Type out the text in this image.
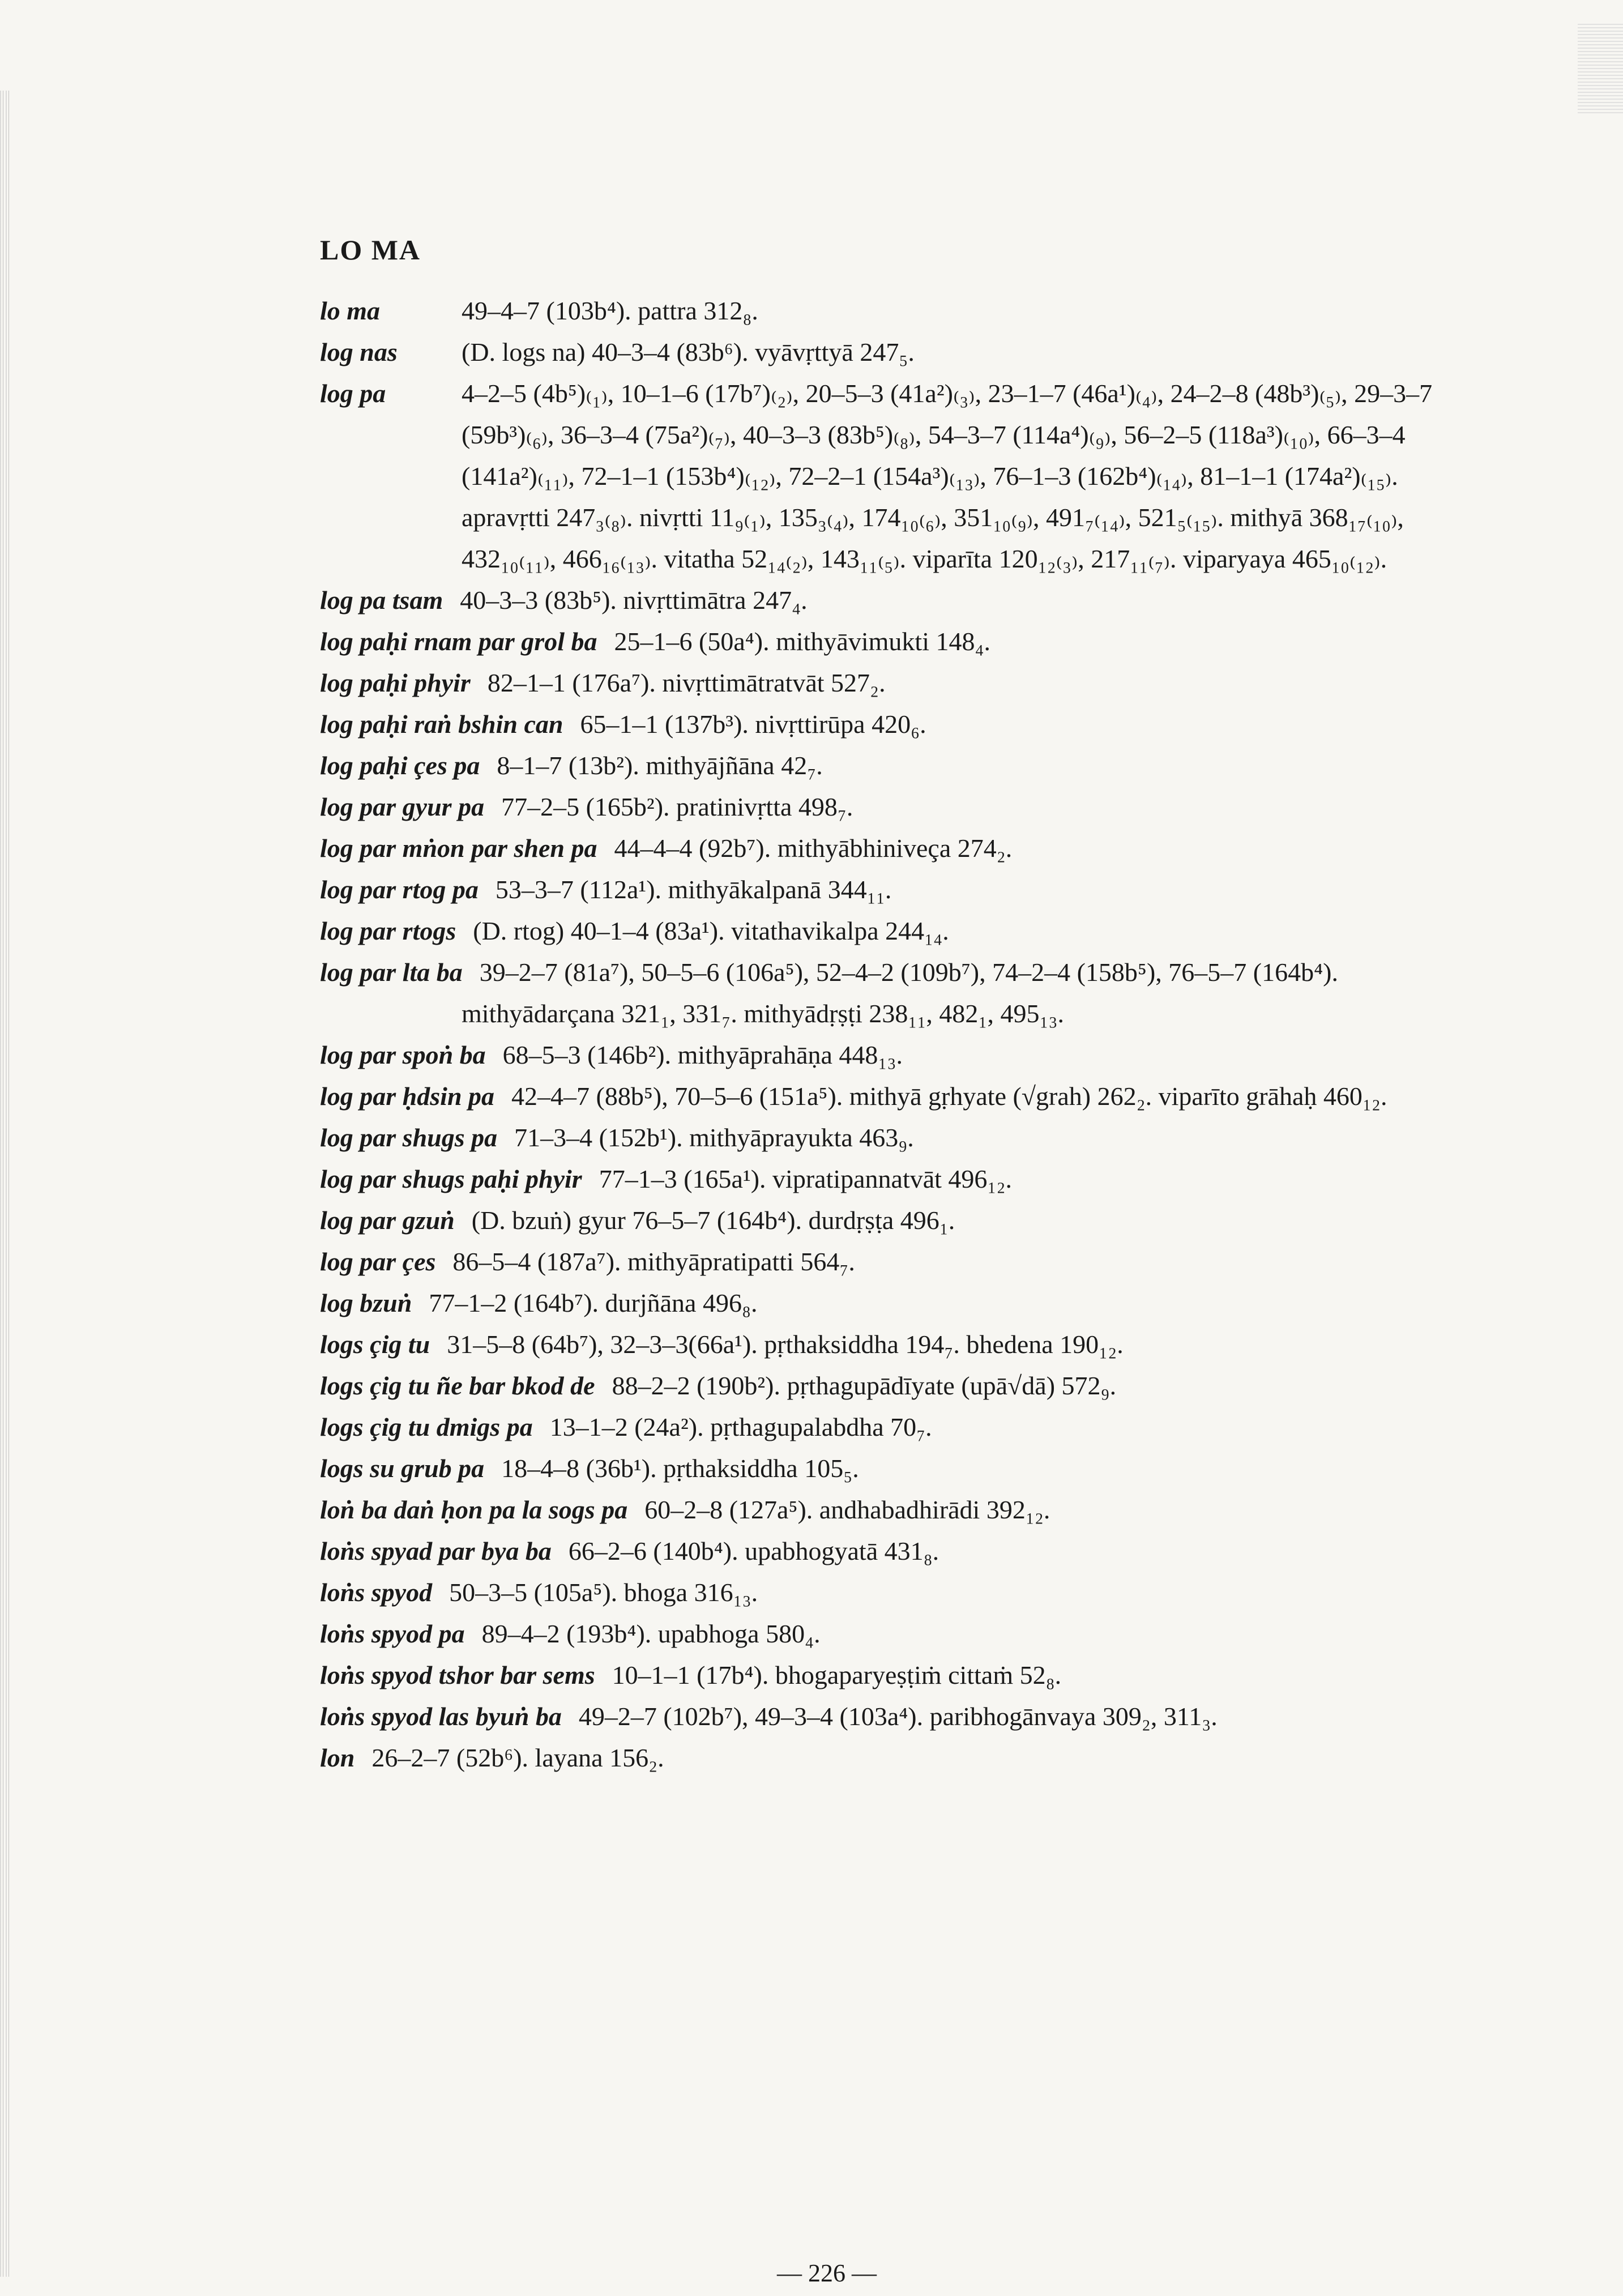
LO MA
lo ma	49–4–7 (103b⁴). pattra 312₈.
log nas (D. logs na) 40–3–4 (83b⁶). vyāvṛttyā 247₅.
log pa	4–2–5 (4b⁵)₍₁₎, 10–1–6 (17b⁷)₍₂₎, 20–5–3 (41a²)₍₃₎, 23–1–7 (46a¹)₍₄₎, 24–2–8 (48b³)₍₅₎, 29–3–7 (59b³)₍₆₎, 36–3–4 (75a²)₍₇₎, 40–3–3 (83b⁵)₍₈₎, 54–3–7 (114a⁴)₍₉₎, 56–2–5 (118a³)₍₁₀₎, 66–3–4 (141a²)₍₁₁₎, 72–1–1 (153b⁴)₍₁₂₎, 72–2–1 (154a³)₍₁₃₎, 76–1–3 (162b⁴)₍₁₄₎, 81–1–1 (174a²)₍₁₅₎. apravṛtti 247₃₍₈₎. nivṛtti 11₉₍₁₎, 135₃₍₄₎, 174₁₀₍₆₎, 351₁₀₍₉₎, 491₇₍₁₄₎, 521₅₍₁₅₎. mithyā 368₁₇₍₁₀₎, 432₁₀₍₁₁₎, 466₁₆₍₁₃₎. vitatha 52₁₄₍₂₎, 143₁₁₍₅₎. viparīta 120₁₂₍₃₎, 217₁₁₍₇₎. viparyaya 465₁₀₍₁₂₎.
log pa tsam 40–3–3 (83b⁵). nivṛttimātra 247₄.
log paḥi rnam par grol ba 25–1–6 (50a⁴). mithyāvimukti 148₄.
log paḥi phyir 82–1–1 (176a⁷). nivṛttimātratvāt 527₂.
log paḥi raṅ bshin can 65–1–1 (137b³). nivṛttirūpa 420₆.
log paḥi çes pa 8–1–7 (13b²). mithyājñāna 42₇.
log par gyur pa 77–2–5 (165b²). pratinivṛtta 498₇.
log par mṅon par shen pa 44–4–4 (92b⁷). mithyābhiniveça 274₂.
log par rtog pa 53–3–7 (112a¹). mithyākalpanā 344₁₁.
log par rtogs (D. rtog) 40–1–4 (83a¹). vitathavikalpa 244₁₄.
log par lta ba 39–2–7 (81a⁷), 50–5–6 (106a⁵), 52–4–2 (109b⁷), 74–2–4 (158b⁵), 76–5–7 (164b⁴). mithyādarçana 321₁, 331₇. mithyādṛṣṭi 238₁₁, 482₁, 495₁₃.
log par spoṅ ba 68–5–3 (146b²). mithyāprahāṇa 448₁₃.
log par ḥdsin pa 42–4–7 (88b⁵), 70–5–6 (151a⁵). mithyā gṛhyate (√grah) 262₂. viparīto grāhaḥ 460₁₂.
log par shugs pa 71–3–4 (152b¹). mithyāprayukta 463₉.
log par shugs paḥi phyir 77–1–3 (165a¹). vipratipannatvāt 496₁₂.
log par gzuṅ (D. bzuṅ) gyur 76–5–7 (164b⁴). durdṛṣṭa 496₁.
log par çes 86–5–4 (187a⁷). mithyāpratipatti 564₇.
log bzuṅ 77–1–2 (164b⁷). durjñāna 496₈.
logs çig tu 31–5–8 (64b⁷), 32–3–3(66a¹). pṛthaksiddha 194₇. bhedena 190₁₂.
logs çig tu ñe bar bkod de 88–2–2 (190b²). pṛthagupādīyate (upā√dā) 572₉.
logs çig tu dmigs pa 13–1–2 (24a²). pṛthagupalabdha 70₇.
logs su grub pa 18–4–8 (36b¹). pṛthaksiddha 105₅.
loṅ ba daṅ ḥon pa la sogs pa 60–2–8 (127a⁵). andhabadhirādi 392₁₂.
loṅs spyad par bya ba 66–2–6 (140b⁴). upabhogyatā 431₈.
loṅs spyod 50–3–5 (105a⁵). bhoga 316₁₃.
loṅs spyod pa 89–4–2 (193b⁴). upabhoga 580₄.
loṅs spyod tshor bar sems 10–1–1 (17b⁴). bhogaparyeṣṭiṁ cittaṁ 52₈.
loṅs spyod las byuṅ ba 49–2–7 (102b⁷), 49–3–4 (103a⁴). paribhogānvaya 309₂, 311₃.
lon 26–2–7 (52b⁶). layana 156₂.
— 226 —
